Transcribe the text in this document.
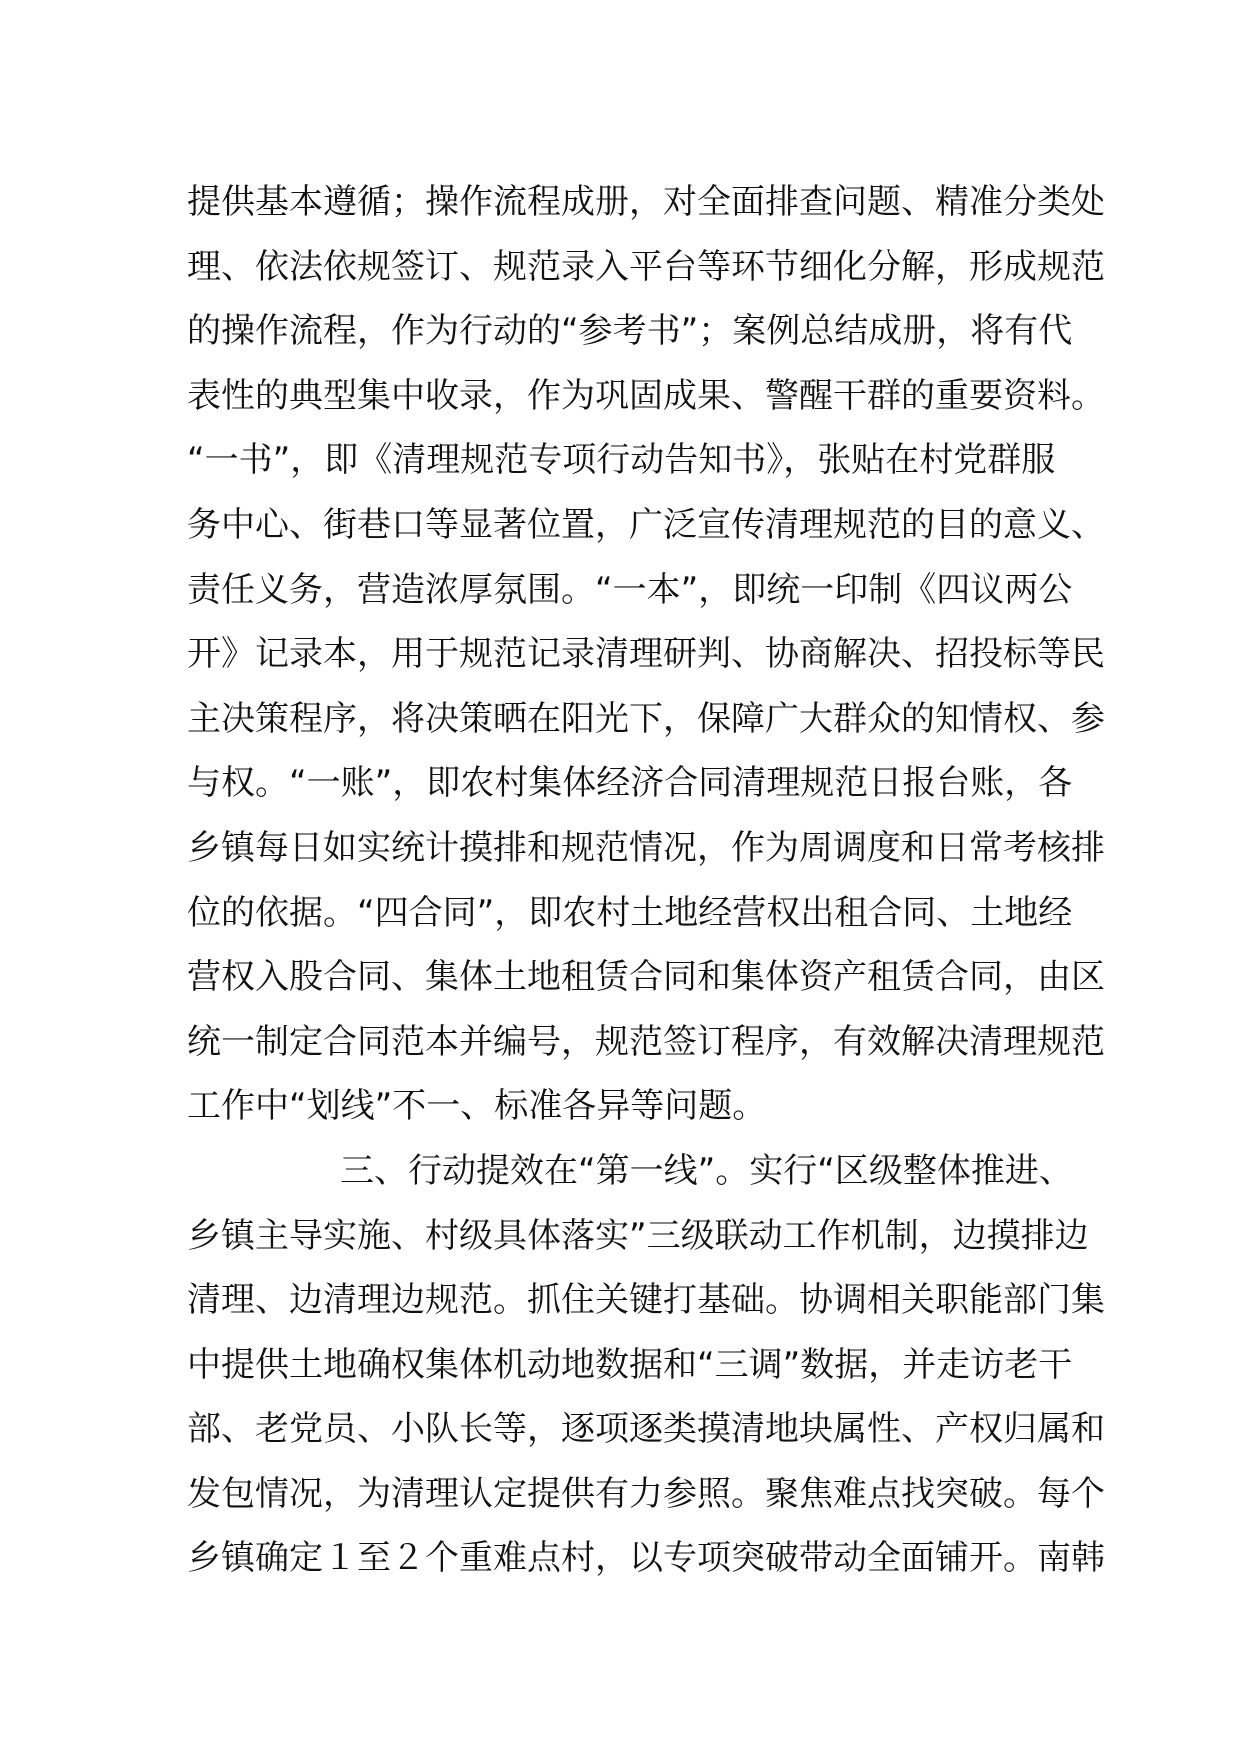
提供基本遵循；操作流程成册，对全面排查问题、精准分类处
理、依法依规签订、规范录入平台等环节细化分解，形成规范
的操作流程，作为行动的“参考书”；案例总结成册，将有代
表性的典型集中收录，作为巩固成果、警醒干群的重要资料。
“一书”，即《清理规范专项行动告知书》，张贴在村党群服
务中心、街巷口等显著位置，广泛宣传清理规范的目的意义、
责任义务，营造浓厚氛围。“一本”，即统一印制《四议两公
开》记录本，用于规范记录清理研判、协商解决、招投标等民
主决策程序，将决策晒在阳光下，保障广大群众的知情权、参
与权。“一账”，即农村集体经济合同清理规范日报台账，各
乡镇每日如实统计摸排和规范情况，作为周调度和日常考核排
位的依据。“四合同”，即农村土地经营权出租合同、土地经
营权入股合同、集体土地租赁合同和集体资产租赁合同，由区
统一制定合同范本并编号，规范签订程序，有效解决清理规范
工作中“划线”不一、标准各异等问题。
三、行动提效在“第一线”。实行“区级整体推进、
乡镇主导实施、村级具体落实”三级联动工作机制，边摸排边
清理、边清理边规范。抓住关键打基础。协调相关职能部门集
中提供土地确权集体机动地数据和“三调”数据，并走访老干
部、老党员、小队长等，逐项逐类摸清地块属性、产权归属和
发包情况，为清理认定提供有力参照。聚焦难点找突破。每个
乡镇确定１至２个重难点村，以专项突破带动全面铺开。南韩
